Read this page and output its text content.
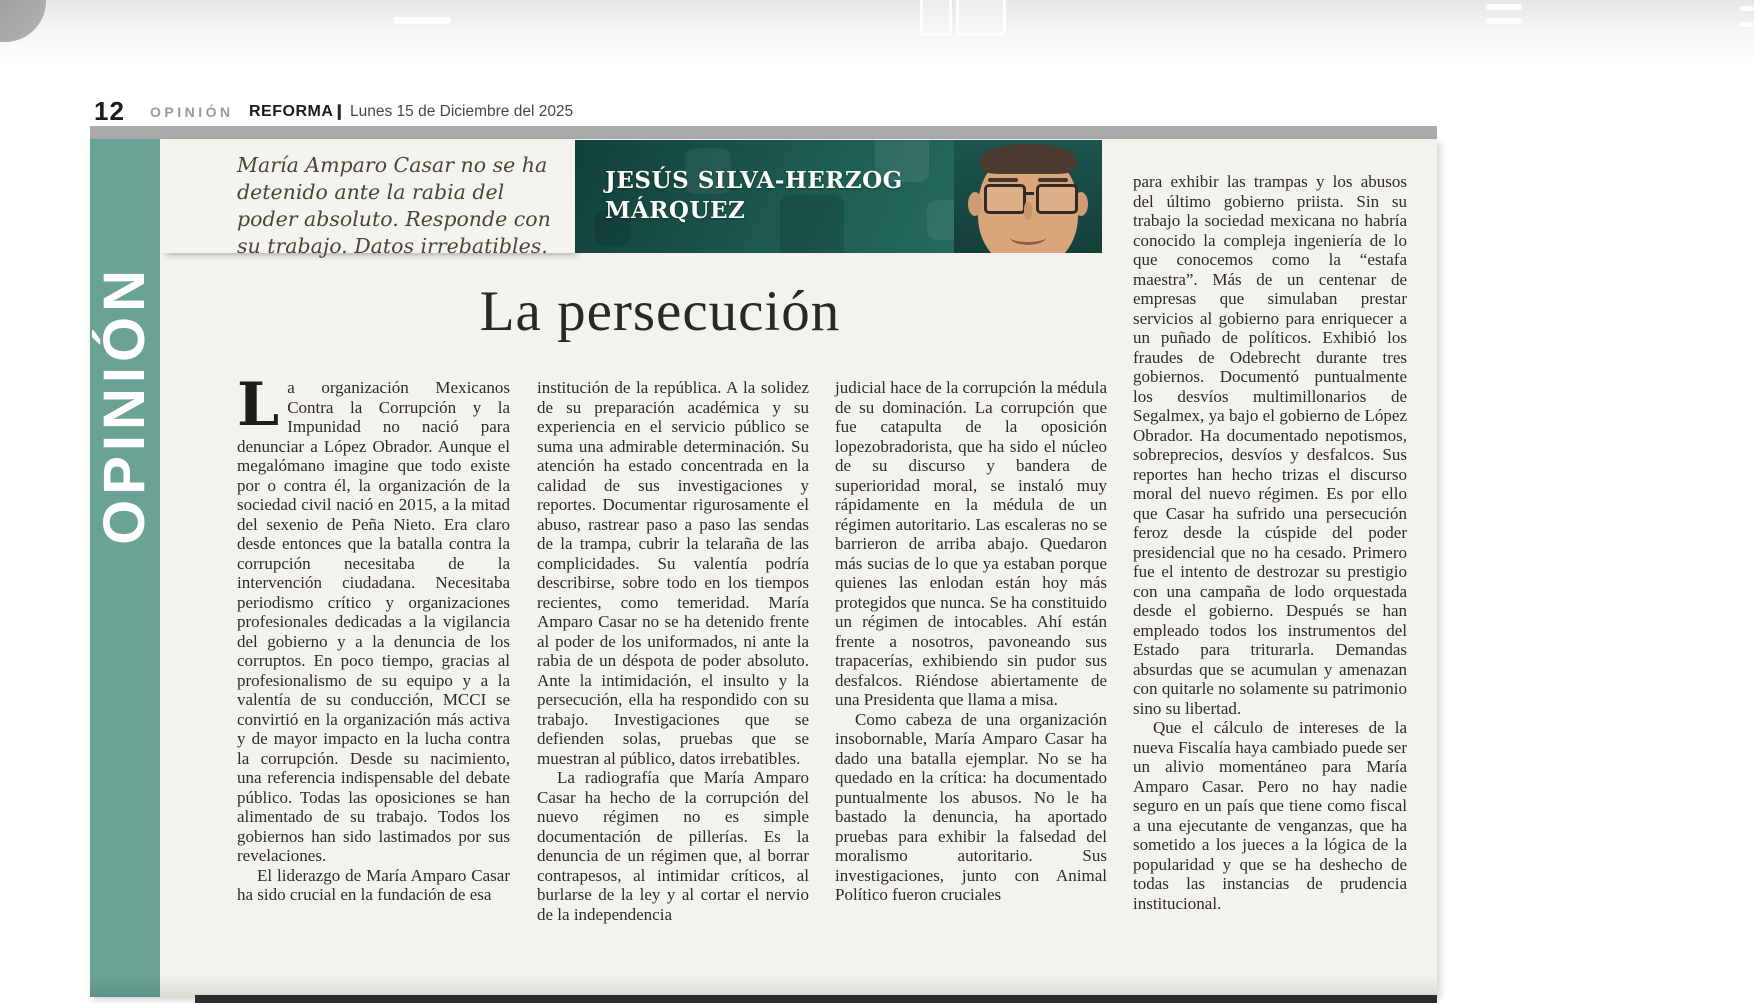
12 OPINIÓN REFORMA ❙ Lunes 15 de Diciembre del 2025
OPINIÓN
María Amparo Casar no se ha detenido ante la rabia del poder absoluto. Responde con su trabajo. Datos irrebatibles.
JESÚS SILVA-HERZOG
MÁRQUEZ
La persecución

La organización Mexicanos Contra la Corrupción y la Impunidad no nació para denunciar a López Obrador. Aunque el megalómano imagine que todo existe por o contra él, la organización de la sociedad civil nació en 2015, a la mitad del sexenio de Peña Nieto. Era claro desde entonces que la batalla contra la corrupción necesitaba de la intervención ciudadana. Necesitaba periodismo crítico y organizaciones profesionales dedicadas a la vigilancia del gobierno y a la denuncia de los corruptos. En poco tiempo, gracias al profesionalismo de su equipo y a la valentía de su conducción, MCCI se convirtió en la organización más activa y de mayor impacto en la lucha contra la corrupción. Desde su nacimiento, una referencia indispensable del debate público. Todas las oposiciones se han alimentado de su trabajo. Todos los gobiernos han sido lastimados por sus revelaciones.

El liderazgo de María Amparo Casar ha sido crucial en la fundación de esa

institución de la república. A la solidez de su preparación académica y su experiencia en el servicio público se suma una admirable determinación. Su atención ha estado concentrada en la calidad de sus investigaciones y reportes. Documentar rigurosamente el abuso, rastrear paso a paso las sendas de la trampa, cubrir la telaraña de las complicidades. Su valentía podría describirse, sobre todo en los tiempos recientes, como temeridad. María Amparo Casar no se ha detenido frente al poder de los uniformados, ni ante la rabia de un déspota de poder absoluto. Ante la intimidación, el insulto y la persecución, ella ha respondido con su trabajo. Investigaciones que se defienden solas, pruebas que se muestran al público, datos irrebatibles.

La radiografía que María Amparo Casar ha hecho de la corrupción del nuevo régimen no es simple documentación de pillerías. Es la denuncia de un régimen que, al borrar contrapesos, al intimidar críticos, al burlarse de la ley y al cortar el nervio de la independencia

judicial hace de la corrupción la médula de su dominación. La corrupción que fue catapulta de la oposición lopezobradorista, que ha sido el núcleo de su discurso y bandera de superioridad moral, se instaló muy rápidamente en la médula de un régimen autoritario. Las escaleras no se barrieron de arriba abajo. Quedaron más sucias de lo que ya estaban porque quienes las enlodan están hoy más protegidos que nunca. Se ha constituido un régimen de intocables. Ahí están frente a nosotros, pavoneando sus trapacerías, exhibiendo sin pudor sus desfalcos. Riéndose abiertamente de una Presidenta que llama a misa.

Como cabeza de una organización insobornable, María Amparo Casar ha dado una batalla ejemplar. No se ha quedado en la crítica: ha documentado puntualmente los abusos. No le ha bastado la denuncia, ha aportado pruebas para exhibir la falsedad del moralismo autoritario. Sus investigaciones, junto con Animal Político fueron cruciales

para exhibir las trampas y los abusos del último gobierno priista. Sin su trabajo la sociedad mexicana no habría conocido la compleja ingeniería de lo que conocemos como la “estafa maestra”. Más de un centenar de empresas que simulaban prestar servicios al gobierno para enriquecer a un puñado de políticos. Exhibió los fraudes de Odebrecht durante tres gobiernos. Documentó puntualmente los desvíos multimillonarios de Segalmex, ya bajo el gobierno de López Obrador. Ha documentado nepotismos, sobreprecios, desvíos y desfalcos. Sus reportes han hecho trizas el discurso moral del nuevo régimen. Es por ello que Casar ha sufrido una persecución feroz desde la cúspide del poder presidencial que no ha cesado. Primero fue el intento de destrozar su prestigio con una campaña de lodo orquestada desde el gobierno. Después se han empleado todos los instrumentos del Estado para triturarla. Demandas absurdas que se acumulan y amenazan con quitarle no solamente su patrimonio sino su libertad.

Que el cálculo de intereses de la nueva Fiscalía haya cambiado puede ser un alivio momentáneo para María Amparo Casar. Pero no hay nadie seguro en un país que tiene como fiscal a una ejecutante de venganzas, que ha sometido a los jueces a la lógica de la popularidad y que se ha deshecho de todas las instancias de prudencia institucional.
